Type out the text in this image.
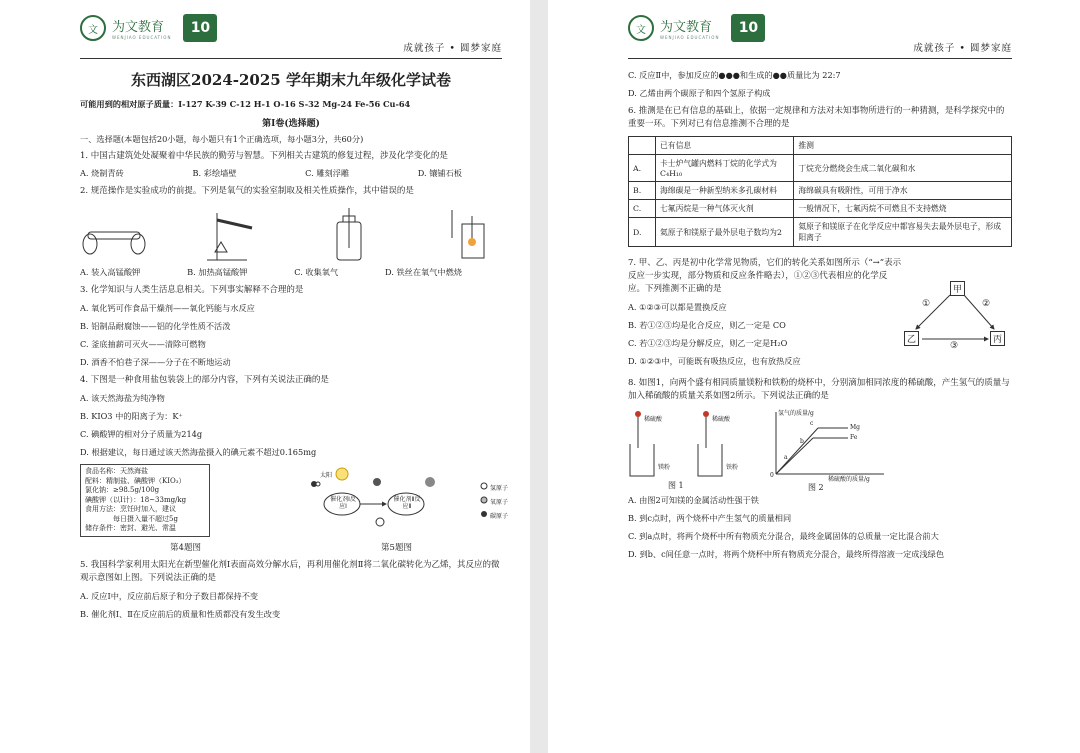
文	为文教育
WENJIAO EDUCATION
10
成就孩子 • 圆梦家庭
东西湖区2024-2025 学年期末九年级化学试卷
可能用到的相对原子质量：I-127 K-39 C-12 H-1 O-16 S-32 Mg-24 Fe-56 Cu-64
第Ⅰ卷(选择题)
一、选择题(本题包括20小题，每小题只有1个正确选项，每小题3分，共60分)
1. 中国古建筑处处凝聚着中华民族的勤劳与智慧。下列相关古建筑的修复过程，涉及化学变化的是
A. 烧制青砖	B. 彩绘墙壁	C. 雕刻浮雕	D. 镶铺石板
2. 规范操作是实验成功的前提。下列是氧气的实验室制取及相关性质操作，其中错误的是
A. 装入高锰酸钾	B. 加热高锰酸钾	C. 收集氧气	D. 铁丝在氧气中燃烧
3. 化学知识与人类生活息息相关。下列事实解释不合理的是
A. 氧化钙可作食品干燥剂——氧化钙能与水反应
B. 铝制品耐腐蚀——铝的化学性质不活泼
C. 釜底抽薪可灭火——清除可燃物
D. 酒香不怕巷子深——分子在不断地运动
4. 下图是一种食用盐包装袋上的部分内容，下列有关说法正确的是
A. 该天然海盐为纯净物
B. KIO3 中的阳离子为：K⁺
C. 碘酸钾的相对分子质量为214g
D. 根据建议，每日通过该天然海盐摄入的碘元素不超过0.165mg
食品名称：天然海盐
配料：精制盐、碘酸钾（KIO₃）
氯化钠：≥98.5g/100g
碘酸钾（以I计）：18~33mg/kg
食用方法：烹饪时加入，建议
每日摄入量不超过5g
储存条件：密封、避光、常温
太阳
催化剂Ⅰ反应Ⅰ
催化剂Ⅱ反应Ⅱ
氢原子
氧原子
碳原子
第4题图	第5题图
5. 我国科学家利用太阳光在新型催化剂Ⅰ表面高效分解水后，再利用催化剂Ⅱ将二氧化碳转化为乙烯，其反应的微观示意图如上图。下列说法正确的是
A. 反应Ⅰ中，反应前后原子和分子数目都保持不变
B. 催化剂Ⅰ、Ⅱ在反应前后的质量和性质都没有发生改变
文	为文教育
WENJIAO EDUCATION
10
成就孩子 • 圆梦家庭
C. 反应Ⅱ中，参加反应的●●●和生成的●●质量比为 22:7
D. 乙烯由两个碳原子和四个氢原子构成
6. 推测是在已有信息的基础上，依据一定规律和方法对未知事物所进行的一种猜测，是科学探究中的重要一环。下列对已有信息推测不合理的是
	已有信息	推测
A.	卡士炉气罐内燃料丁烷的化学式为C₄H₁₀	丁烷充分燃烧会生成二氧化碳和水
B.	海绵碳是一种新型纳米多孔碳材料	海绵碳具有吸附性，可用于净水
C.	七氟丙烷是一种气体灭火剂	一般情况下，七氟丙烷不可燃且不支持燃烧
D.	氦原子和镁原子最外层电子数均为2	氦原子和镁原子在化学反应中都容易失去最外层电子，形成阳离子
7. 甲、乙、丙是初中化学常见物质，它们的转化关系如图所示（“→”表示反应一步实现，部分物质和反应条件略去），①②③代表相应的化学反应。下列推测不正确的是
A. ①②③可以都是置换反应
B. 若①②③均是化合反应，则乙一定是 CO
C. 若①②③均是分解反应，则乙一定是H₂O
D. ①②③中，可能既有吸热反应，也有放热反应
甲
乙	丙
①	②
③
8. 如图1，向两个盛有相同质量镁粉和铁粉的烧杯中，分别滴加相同浓度的稀硫酸，产生氢气的质量与加入稀硫酸的质量关系如图2所示。下列说法正确的是
稀硫酸	稀硫酸
镁粉	铁粉
图 1
氢气的质量/g
稀硫酸的质量/g
0
Mg
Fe
a
b
c
图 2
A. 由图2可知镁的金属活动性强于铁
B. 到c点时，两个烧杯中产生氢气的质量相同
C. 到a点时，将两个烧杯中所有物质充分混合，最终金属固体的总质量一定比混合前大
D. 到b、c间任意一点时，将两个烧杯中所有物质充分混合，最终所得溶液一定成浅绿色
